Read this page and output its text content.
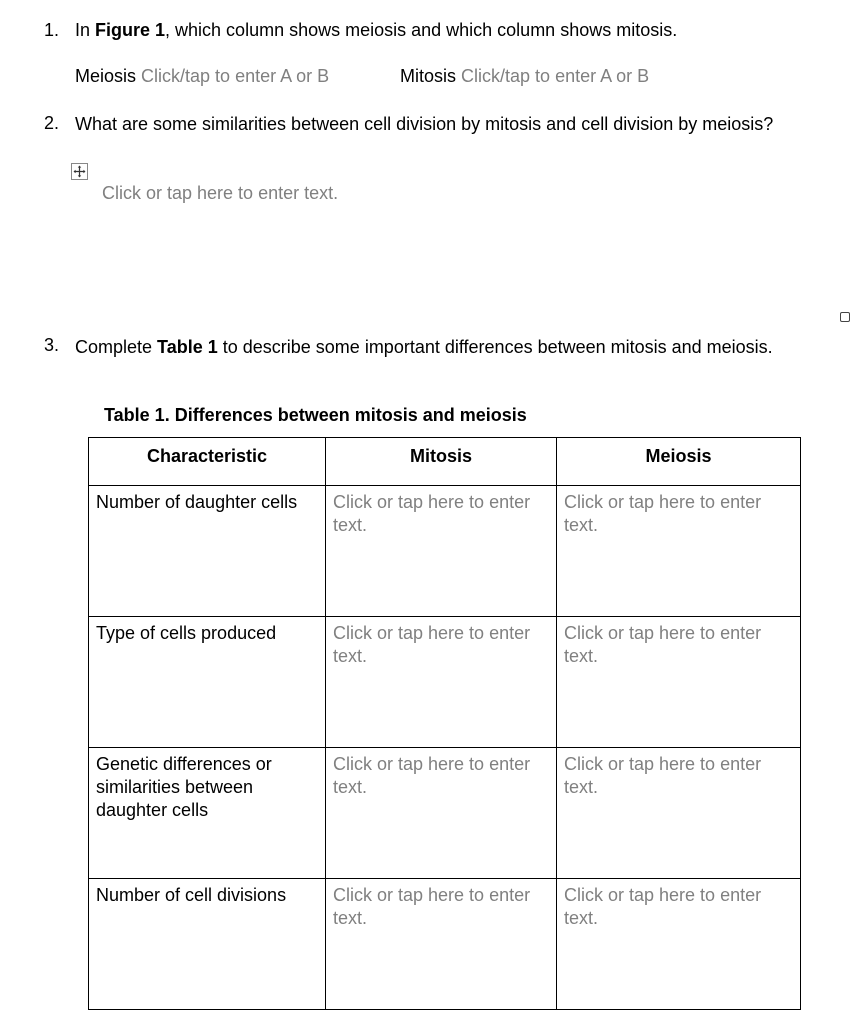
1. In Figure 1, which column shows meiosis and which column shows mitosis.
Meiosis Click/tap to enter A or B	Mitosis Click/tap to enter A or B
2. What are some similarities between cell division by mitosis and cell division by meiosis?
Click or tap here to enter text.
3. Complete Table 1 to describe some important differences between mitosis and meiosis.
Table 1. Differences between mitosis and meiosis
Characteristic	Mitosis	Meiosis
Number of daughter cells	Click or tap here to enter text.	Click or tap here to enter text.
Type of cells produced	Click or tap here to enter text.	Click or tap here to enter text.
Genetic differences or similarities between daughter cells	Click or tap here to enter text.	Click or tap here to enter text.
Number of cell divisions	Click or tap here to enter text.	Click or tap here to enter text.
